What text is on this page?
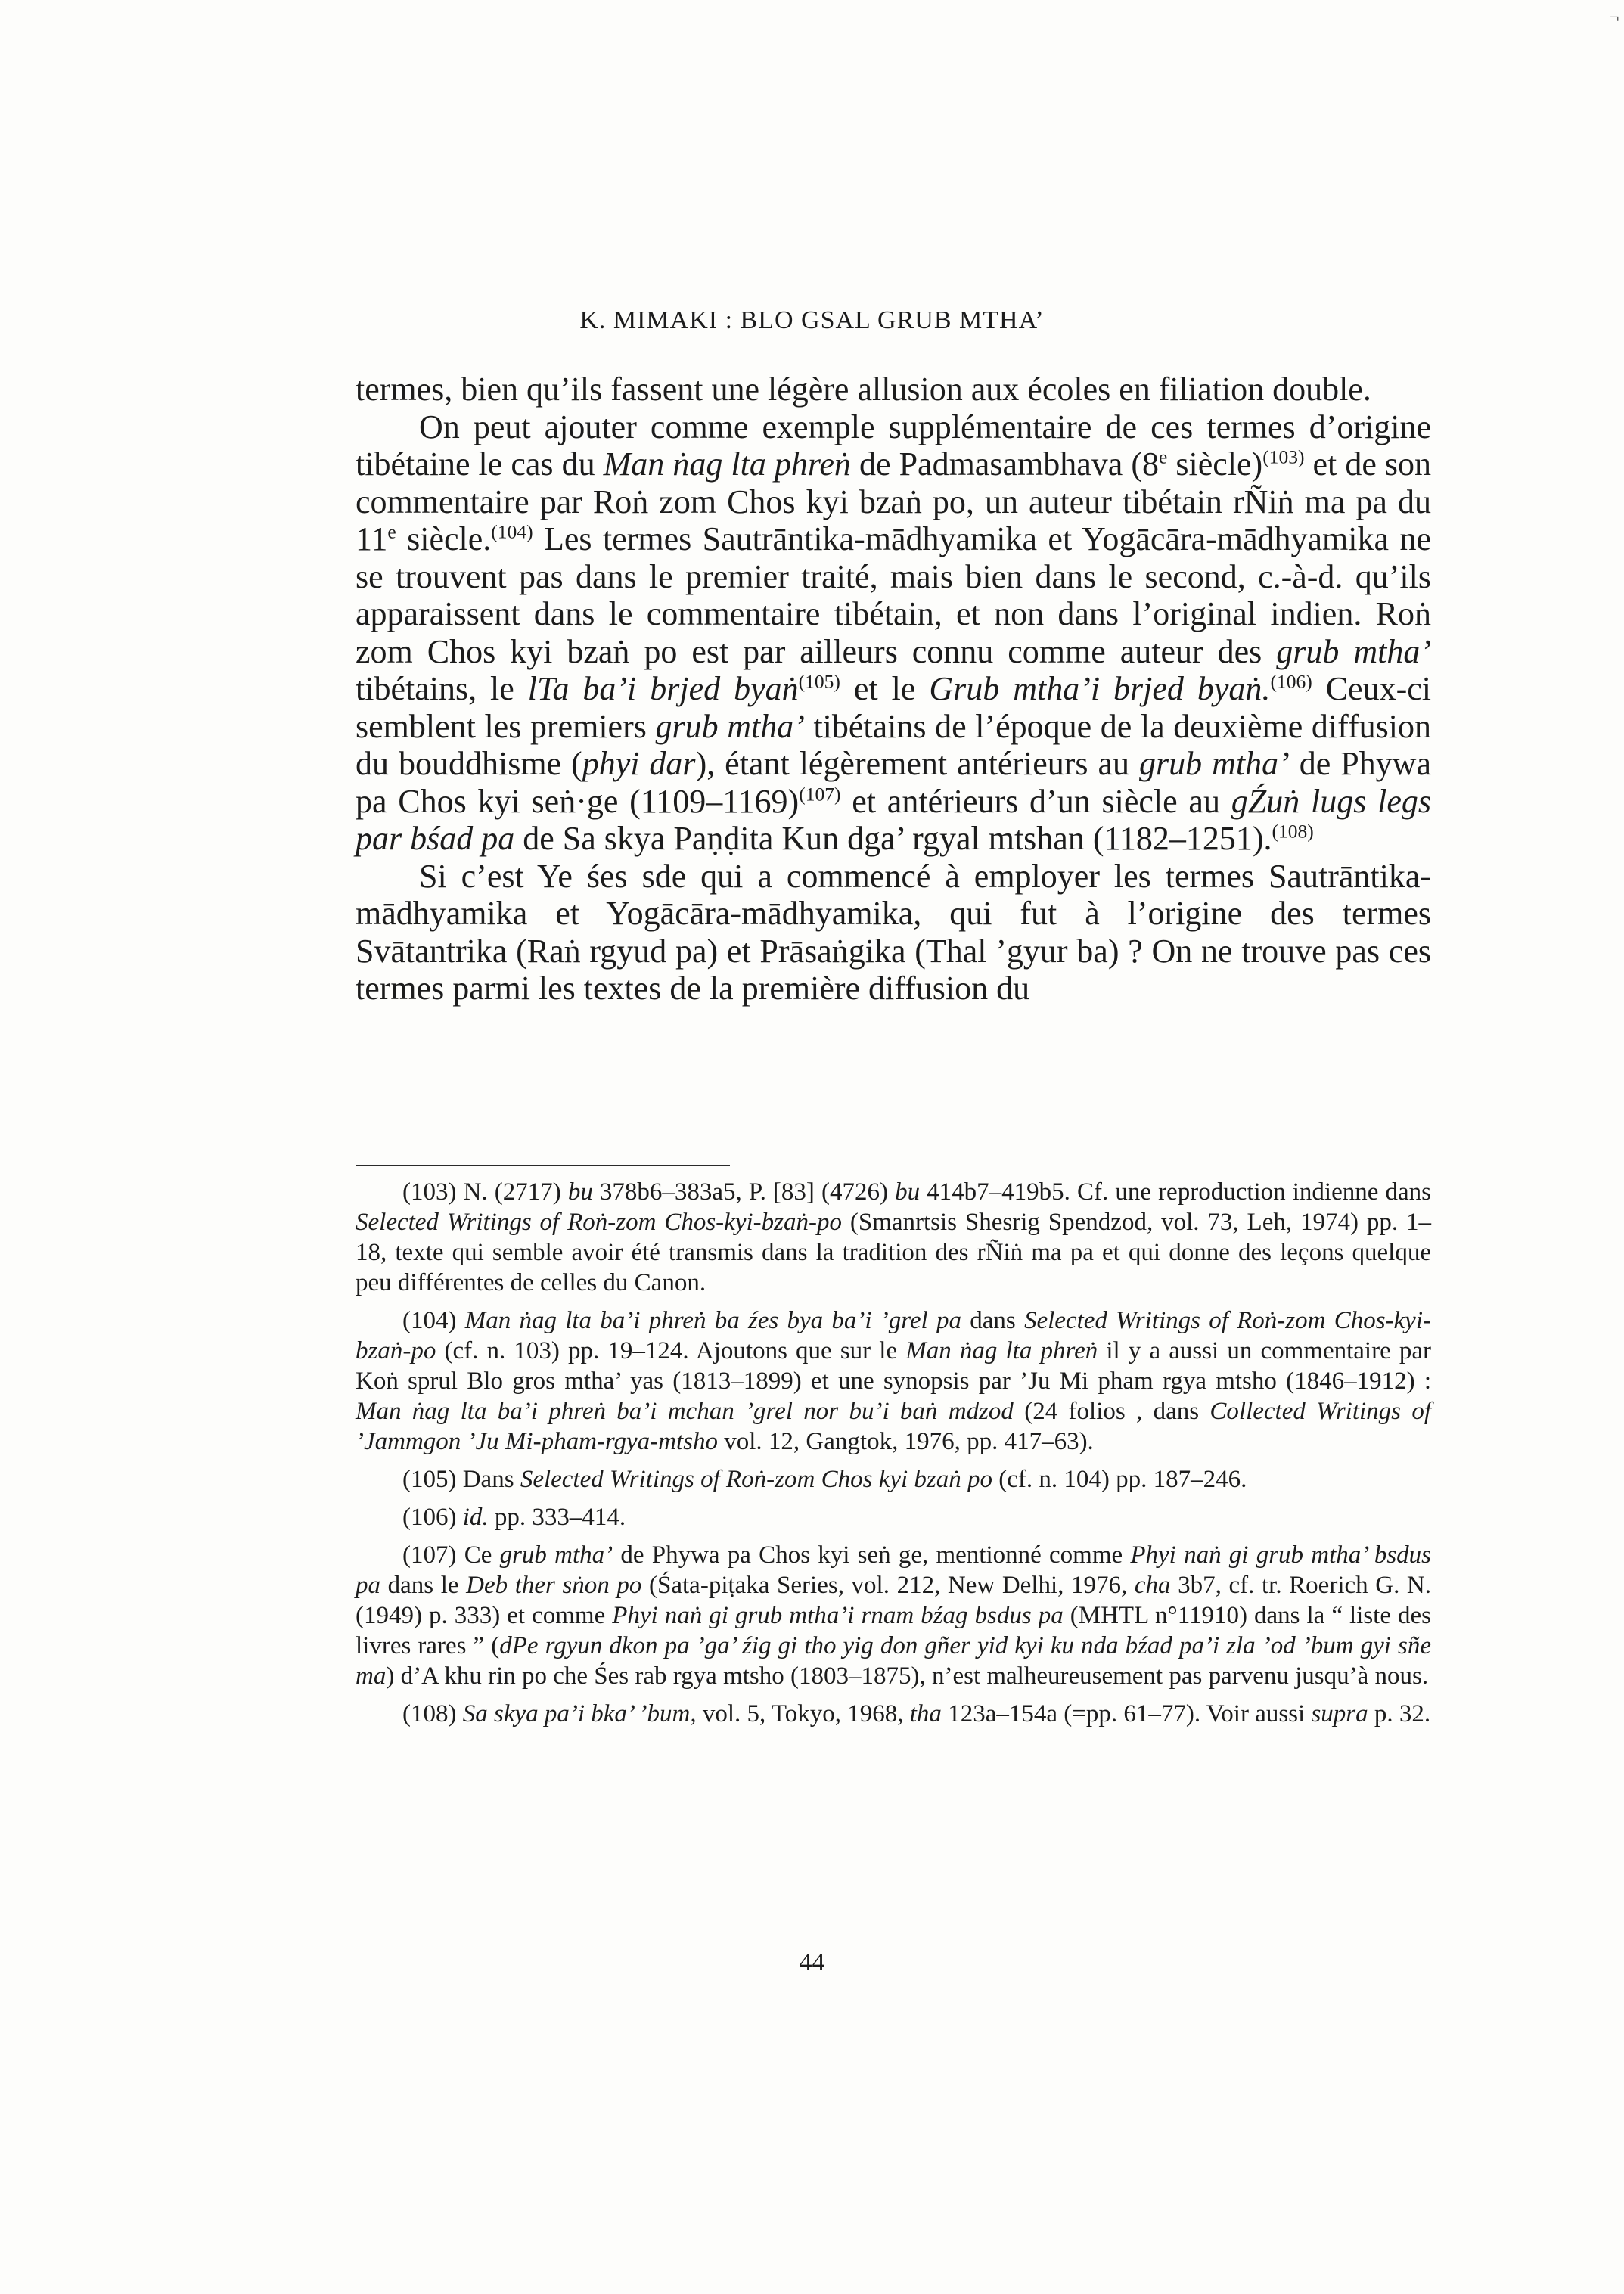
¬
K. MIMAKI : BLO GSAL GRUB MTHA’

termes, bien qu’ils fassent une légère allusion aux écoles en filiation double.

On peut ajouter comme exemple supplémentaire de ces termes d’origine tibétaine le cas du Man ṅag lta phreṅ de Padmasambhava (8e siècle)$^{(103)}$ et de son commentaire par Roṅ zom Chos kyi bzaṅ po, un auteur tibétain rÑiṅ ma pa du 11e siècle.$^{(104)}$ Les termes Sautrāntika-mādhyamika et Yogācāra-mādhyamika ne se trouvent pas dans le premier traité, mais bien dans le second, c.-à-d. qu’ils apparaissent dans le commentaire tibétain, et non dans l’original indien. Roṅ zom Chos kyi bzaṅ po est par ailleurs connu comme auteur des grub mtha’ tibétains, le lTa ba’i brjed byaṅ$^{(105)}$ et le Grub mtha’i brjed byaṅ.$^{(106)}$ Ceux-ci semblent les premiers grub mtha’ tibétains de l’époque de la deuxième diffusion du bouddhisme (phyi dar), étant légèrement antérieurs au grub mtha’ de Phywa pa Chos kyi seṅ·ge (1109–1169)$^{(107)}$ et antérieurs d’un siècle au gŹuṅ lugs legs par bśad pa de Sa skya Paṇḍita Kun dga’ rgyal mtshan (1182–1251).$^{(108)}$

Si c’est Ye śes sde qui a commencé à employer les termes Sautrāntika-mādhyamika et Yogācāra-mādhyamika, qui fut à l’origine des termes Svātantrika (Raṅ rgyud pa) et Prāsaṅgika (Thal ’gyur ba) ? On ne trouve pas ces termes parmi les textes de la première diffusion du

(103) N. (2717) bu 378b6–383a5, P. [83] (4726) bu 414b7–419b5. Cf. une reproduction indienne dans Selected Writings of Roṅ-zom Chos-kyi-bzaṅ-po (Smanrtsis Shesrig Spendzod, vol. 73, Leh, 1974) pp. 1–18, texte qui semble avoir été transmis dans la tradition des rÑiṅ ma pa et qui donne des leçons quelque peu différentes de celles du Canon.

(104) Man ṅag lta ba’i phreṅ ba źes bya ba’i ’grel pa dans Selected Writings of Roṅ-zom Chos-kyi-bzaṅ-po (cf. n. 103) pp. 19–124. Ajoutons que sur le Man ṅag lta phreṅ il y a aussi un commentaire par Koṅ sprul Blo gros mtha’ yas (1813–1899) et une synopsis par ’Ju Mi pham rgya mtsho (1846–1912) : Man ṅag lta ba’i phreṅ ba’i mchan ’grel nor bu’i baṅ mdzod (24 folios , dans Collected Writings of ’Jammgon ’Ju Mi-pham-rgya-mtsho vol. 12, Gangtok, 1976, pp. 417–63).

(105) Dans Selected Writings of Roṅ-zom Chos kyi bzaṅ po (cf. n. 104) pp. 187–246.

(106) id. pp. 333–414.

(107) Ce grub mtha’ de Phywa pa Chos kyi seṅ ge, mentionné comme Phyi naṅ gi grub mtha’ bsdus pa dans le Deb ther sṅon po (Śata-piṭaka Series, vol. 212, New Delhi, 1976, cha 3b7, cf. tr. Roerich G. N. (1949) p. 333) et comme Phyi naṅ gi grub mtha’i rnam bźag bsdus pa (MHTL n°11910) dans la “ liste des livres rares ” (dPe rgyun dkon pa ’ga’ źig gi tho yig don gñer yid kyi ku nda bźad pa’i zla ’od ’bum gyi sñe ma) d’A khu rin po che Śes rab rgya mtsho (1803–1875), n’est malheureusement pas parvenu jusqu’à nous.

(108) Sa skya pa’i bka’ ’bum, vol. 5, Tokyo, 1968, tha 123a–154a (=pp. 61–77). Voir aussi supra p. 32.

44
